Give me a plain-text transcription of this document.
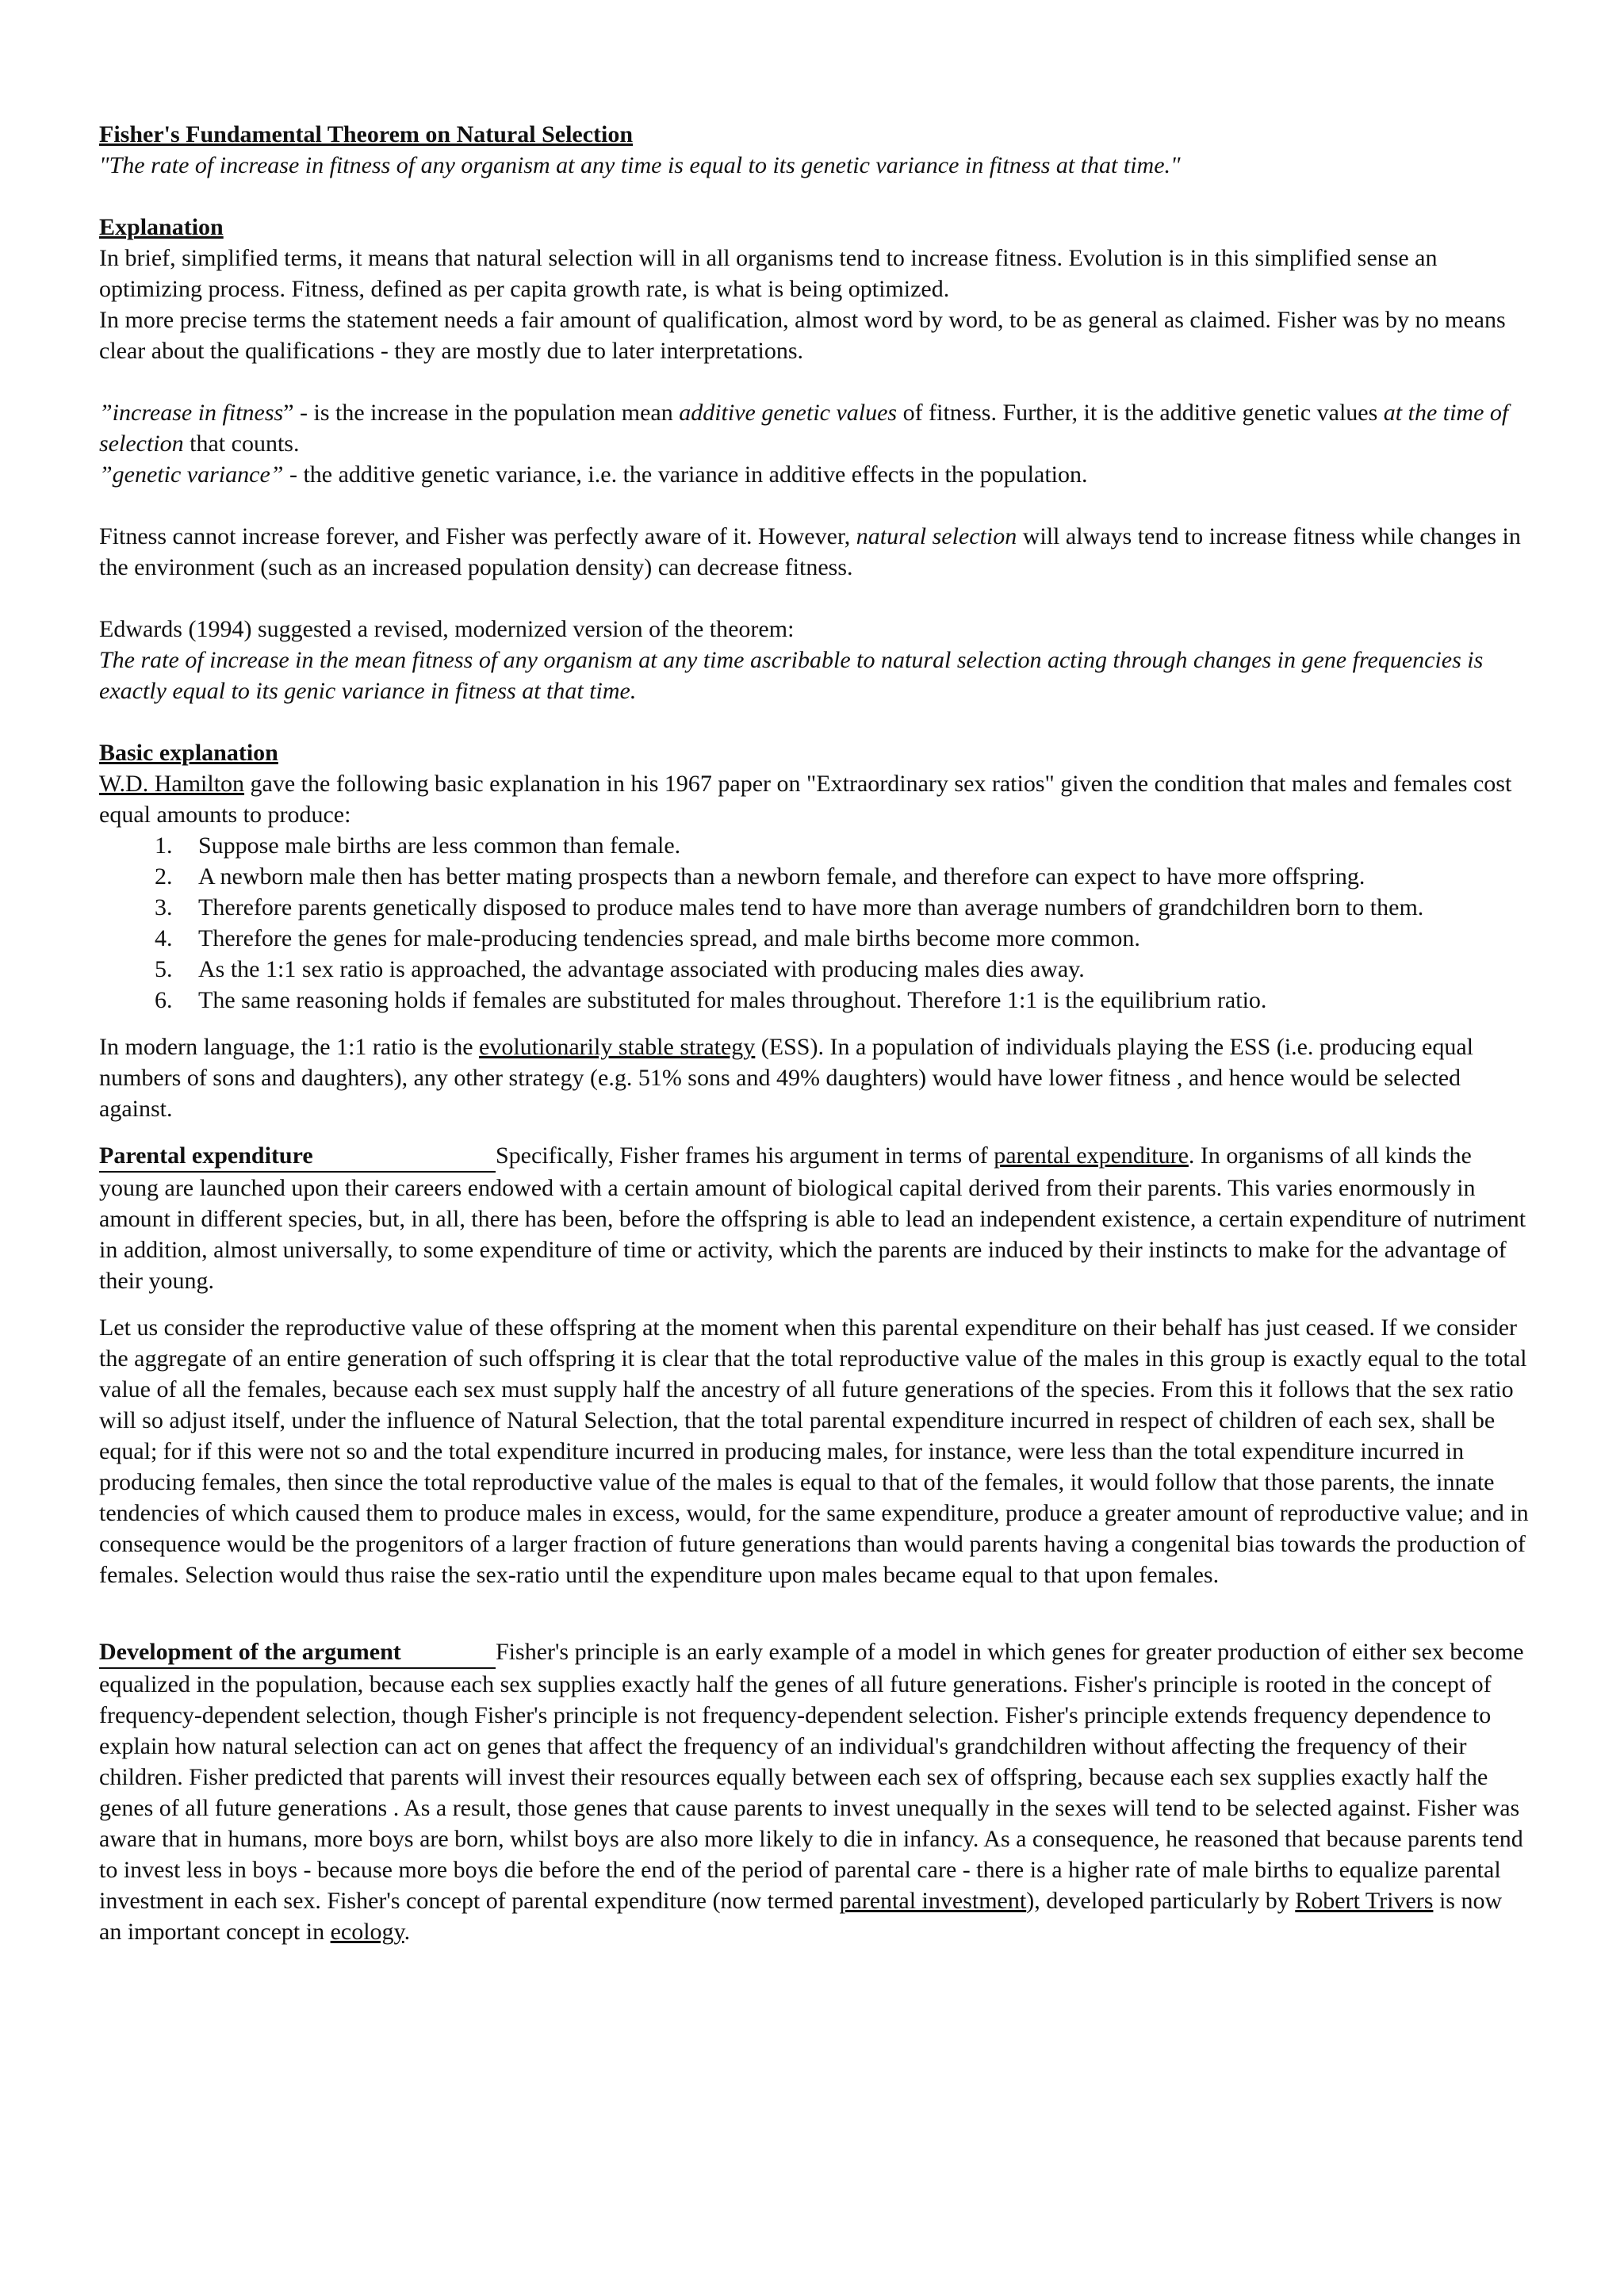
Fisher's Fundamental Theorem on Natural Selection

"The rate of increase in fitness of any organism at any time is equal to its genetic variance in fitness at that time."

Explanation

In brief, simplified terms, it means that natural selection will in all organisms tend to increase fitness. Evolution is in this simplified sense an optimizing process. Fitness, defined as per capita growth rate, is what is being optimized.

In more precise terms the statement needs a fair amount of qualification, almost word by word, to be as general as claimed. Fisher was by no means clear about the qualifications - they are mostly due to later interpretations.

”increase in fitness” - is the increase in the population mean additive genetic values of fitness. Further, it is the additive genetic values at the time of selection that counts.

”genetic variance” - the additive genetic variance, i.e. the variance in additive effects in the population.

Fitness cannot increase forever, and Fisher was perfectly aware of it. However, natural selection will always tend to increase fitness while changes in the environment (such as an increased population density) can decrease fitness.

Edwards (1994) suggested a revised, modernized version of the theorem:

The rate of increase in the mean fitness of any organism at any time ascribable to natural selection acting through changes in gene frequencies is exactly equal to its genic variance in fitness at that time.

Basic explanation

W.D. Hamilton gave the following basic explanation in his 1967 paper on "Extraordinary sex ratios" given the condition that males and females cost equal amounts to produce:

1. Suppose male births are less common than female.
2. A newborn male then has better mating prospects than a newborn female, and therefore can expect to have more offspring.
3. Therefore parents genetically disposed to produce males tend to have more than average numbers of grandchildren born to them.
4. Therefore the genes for male-producing tendencies spread, and male births become more common.
5. As the 1:1 sex ratio is approached, the advantage associated with producing males dies away.
6. The same reasoning holds if females are substituted for males throughout. Therefore 1:1 is the equilibrium ratio.

In modern language, the 1:1 ratio is the evolutionarily stable strategy (ESS). In a population of individuals playing the ESS (i.e. producing equal numbers of sons and daughters), any other strategy (e.g. 51% sons and 49% daughters) would have lower fitness , and hence would be selected against.

Parental expenditure	Specifically, Fisher frames his argument in terms of parental expenditure. In organisms of all kinds the young are launched upon their careers endowed with a certain amount of biological capital derived from their parents. This varies enormously in amount in different species, but, in all, there has been, before the offspring is able to lead an independent existence, a certain expenditure of nutriment in addition, almost universally, to some expenditure of time or activity, which the parents are induced by their instincts to make for the advantage of their young.

Let us consider the reproductive value of these offspring at the moment when this parental expenditure on their behalf has just ceased. If we consider the aggregate of an entire generation of such offspring it is clear that the total reproductive value of the males in this group is exactly equal to the total value of all the females, because each sex must supply half the ancestry of all future generations of the species. From this it follows that the sex ratio will so adjust itself, under the influence of Natural Selection, that the total parental expenditure incurred in respect of children of each sex, shall be equal; for if this were not so and the total expenditure incurred in producing males, for instance, were less than the total expenditure incurred in producing females, then since the total reproductive value of the males is equal to that of the females, it would follow that those parents, the innate tendencies of which caused them to produce males in excess, would, for the same expenditure, produce a greater amount of reproductive value; and in consequence would be the progenitors of a larger fraction of future generations than would parents having a congenital bias towards the production of females. Selection would thus raise the sex-ratio until the expenditure upon males became equal to that upon females.

Development of the argument	Fisher's principle is an early example of a model in which genes for greater production of either sex become equalized in the population, because each sex supplies exactly half the genes of all future generations. Fisher's principle is rooted in the concept of frequency-dependent selection, though Fisher's principle is not frequency-dependent selection. Fisher's principle extends frequency dependence to explain how natural selection can act on genes that affect the frequency of an individual's grandchildren without affecting the frequency of their children. Fisher predicted that parents will invest their resources equally between each sex of offspring, because each sex supplies exactly half the genes of all future generations . As a result, those genes that cause parents to invest unequally in the sexes will tend to be selected against. Fisher was aware that in humans, more boys are born, whilst boys are also more likely to die in infancy. As a consequence, he reasoned that because parents tend to invest less in boys - because more boys die before the end of the period of parental care - there is a higher rate of male births to equalize parental investment in each sex. Fisher's concept of parental expenditure (now termed parental investment), developed particularly by Robert Trivers is now an important concept in ecology.
